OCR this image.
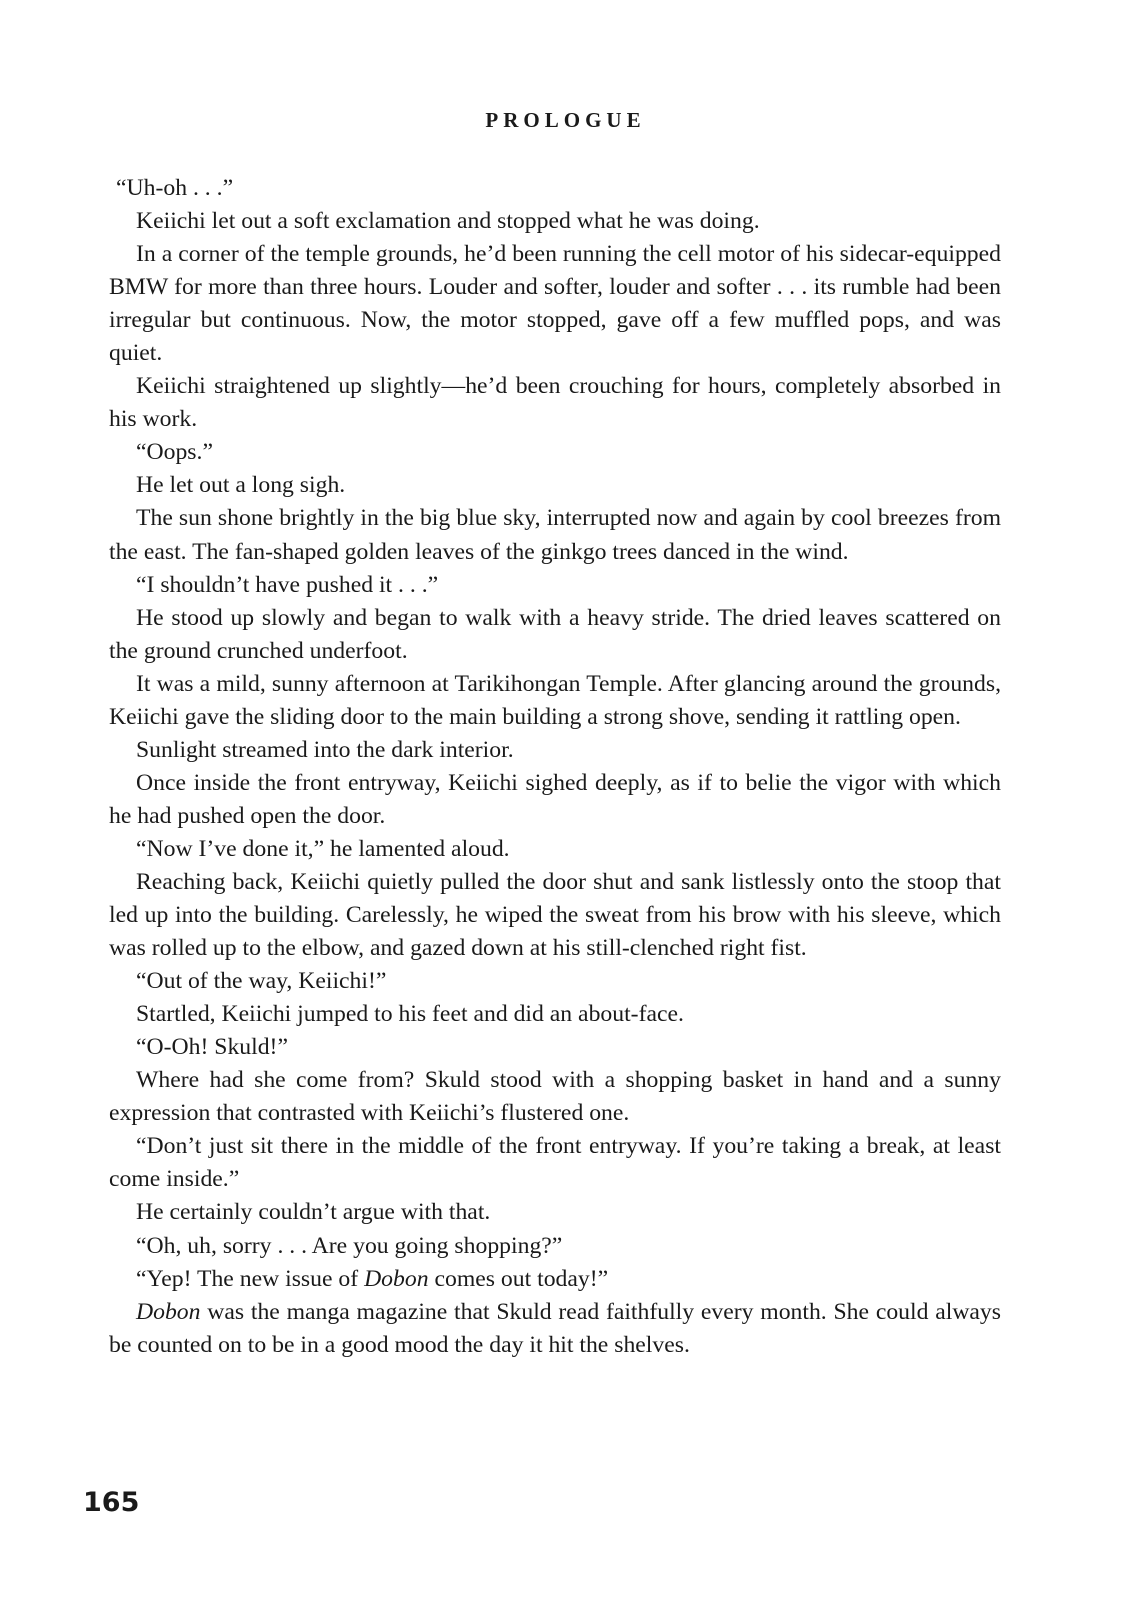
PROLOGUE

“Uh-oh . . .”

Keiichi let out a soft exclamation and stopped what he was doing.

In a corner of the temple grounds, he’d been running the cell motor of his sidecar-equipped BMW for more than three hours. Louder and softer, louder and softer . . . its rumble had been irregular but continuous. Now, the motor stopped, gave off a few muffled pops, and was quiet.

Keiichi straightened up slightly—he’d been crouching for hours, completely absorbed in his work.

“Oops.”

He let out a long sigh.

The sun shone brightly in the big blue sky, interrupted now and again by cool breezes from the east. The fan-shaped golden leaves of the ginkgo trees danced in the wind.

“I shouldn’t have pushed it . . .”

He stood up slowly and began to walk with a heavy stride. The dried leaves scattered on the ground crunched underfoot.

It was a mild, sunny afternoon at Tarikihongan Temple. After glancing around the grounds, Keiichi gave the sliding door to the main building a strong shove, sending it rattling open.

Sunlight streamed into the dark interior.

Once inside the front entryway, Keiichi sighed deeply, as if to belie the vigor with which he had pushed open the door.

“Now I’ve done it,” he lamented aloud.

Reaching back, Keiichi quietly pulled the door shut and sank listlessly onto the stoop that led up into the building. Carelessly, he wiped the sweat from his brow with his sleeve, which was rolled up to the elbow, and gazed down at his still-clenched right fist.

“Out of the way, Keiichi!”

Startled, Keiichi jumped to his feet and did an about-face.

“O-Oh! Skuld!”

Where had she come from? Skuld stood with a shopping basket in hand and a sunny expression that contrasted with Keiichi’s flustered one.

“Don’t just sit there in the middle of the front entryway. If you’re taking a break, at least come inside.”

He certainly couldn’t argue with that.

“Oh, uh, sorry . . . Are you going shopping?”

“Yep! The new issue of Dobon comes out today!”

Dobon was the manga magazine that Skuld read faithfully every month. She could always be counted on to be in a good mood the day it hit the shelves.

165
